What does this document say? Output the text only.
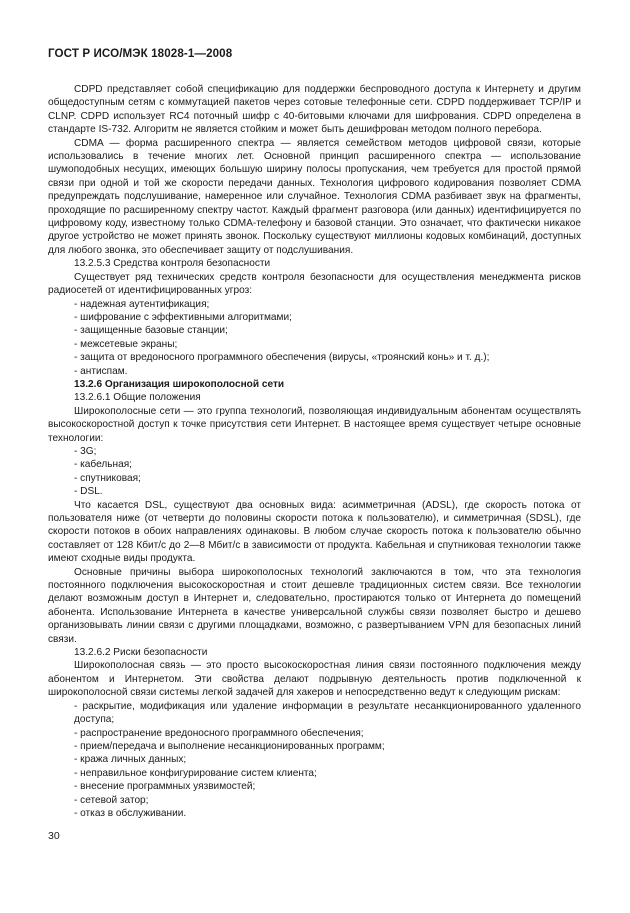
ГОСТ Р ИСО/МЭК 18028-1—2008

CDPD представляет собой спецификацию для поддержки беспроводного доступа к Интернету и другим общедоступным сетям с коммутацией пакетов через сотовые телефонные сети. CDPD поддерживает TCP/IP и CLNP. CDPD использует RC4 поточный шифр с 40-битовыми ключами для шифрования. CDPD определена в стандарте IS-732. Алгоритм не является стойким и может быть дешифрован методом полного перебора.

CDMA — форма расширенного спектра — является семейством методов цифровой связи, которые использовались в течение многих лет. Основной принцип расширенного спектра — использование шумоподобных несущих, имеющих большую ширину полосы пропускания, чем требуется для простой прямой связи при одной и той же скорости передачи данных. Технология цифрового кодирования позволяет CDMA предупреждать подслушивание, намеренное или случайное. Технология CDMA разбивает звук на фрагменты, проходящие по расширенному спектру частот. Каждый фрагмент разговора (или данных) идентифицируется по цифровому коду, известному только CDMA-телефону и базовой станции. Это означает, что фактически никакое другое устройство не может принять звонок. Поскольку существуют миллионы кодовых комбинаций, доступных для любого звонка, это обеспечивает защиту от подслушивания.

13.2.5.3 Средства контроля безопасности

Существует ряд технических средств контроля безопасности для осуществления менеджмента рисков радиосетей от идентифицированных угроз:

- надежная аутентификация;

- шифрование с эффективными алгоритмами;

- защищенные базовые станции;

- межсетевые экраны;

- защита от вредоносного программного обеспечения (вирусы, «троянский конь» и т. д.);

- антиспам.

13.2.6 Организация широкополосной сети

13.2.6.1 Общие положения

Широкополосные сети — это группа технологий, позволяющая индивидуальным абонентам осуществлять высокоскоростной доступ к точке присутствия сети Интернет. В настоящее время существует четыре основные технологии:

- 3G;

- кабельная;

- спутниковая;

- DSL.

Что касается DSL, существуют два основных вида: асимметричная (ADSL), где скорость потока от пользователя ниже (от четверти до половины скорости потока к пользователю), и симметричная (SDSL), где скорости потоков в обоих направлениях одинаковы. В любом случае скорость потока к пользователю обычно составляет от 128 Кбит/с до 2—8 Мбит/с в зависимости от продукта. Кабельная и спутниковая технологии также имеют сходные виды продукта.

Основные причины выбора широкополосных технологий заключаются в том, что эта технология постоянного подключения высокоскоростная и стоит дешевле традиционных систем связи. Все технологии делают возможным доступ в Интернет и, следовательно, простираются только от Интернета до помещений абонента. Использование Интернета в качестве универсальной службы связи позволяет быстро и дешево организовывать линии связи с другими площадками, возможно, с развертыванием VPN для безопасных линий связи.

13.2.6.2 Риски безопасности

Широкополосная связь — это просто высокоскоростная линия связи постоянного подключения между абонентом и Интернетом. Эти свойства делают подрывную деятельность против подключенной к широкополосной связи системы легкой задачей для хакеров и непосредственно ведут к следующим рискам:

- раскрытие, модификация или удаление информации в результате несанкционированного удаленного доступа;

- распространение вредоносного программного обеспечения;

- прием/передача и выполнение несанкционированных программ;

- кража личных данных;

- неправильное конфигурирование систем клиента;

- внесение программных уязвимостей;

- сетевой затор;

- отказ в обслуживании.

30
